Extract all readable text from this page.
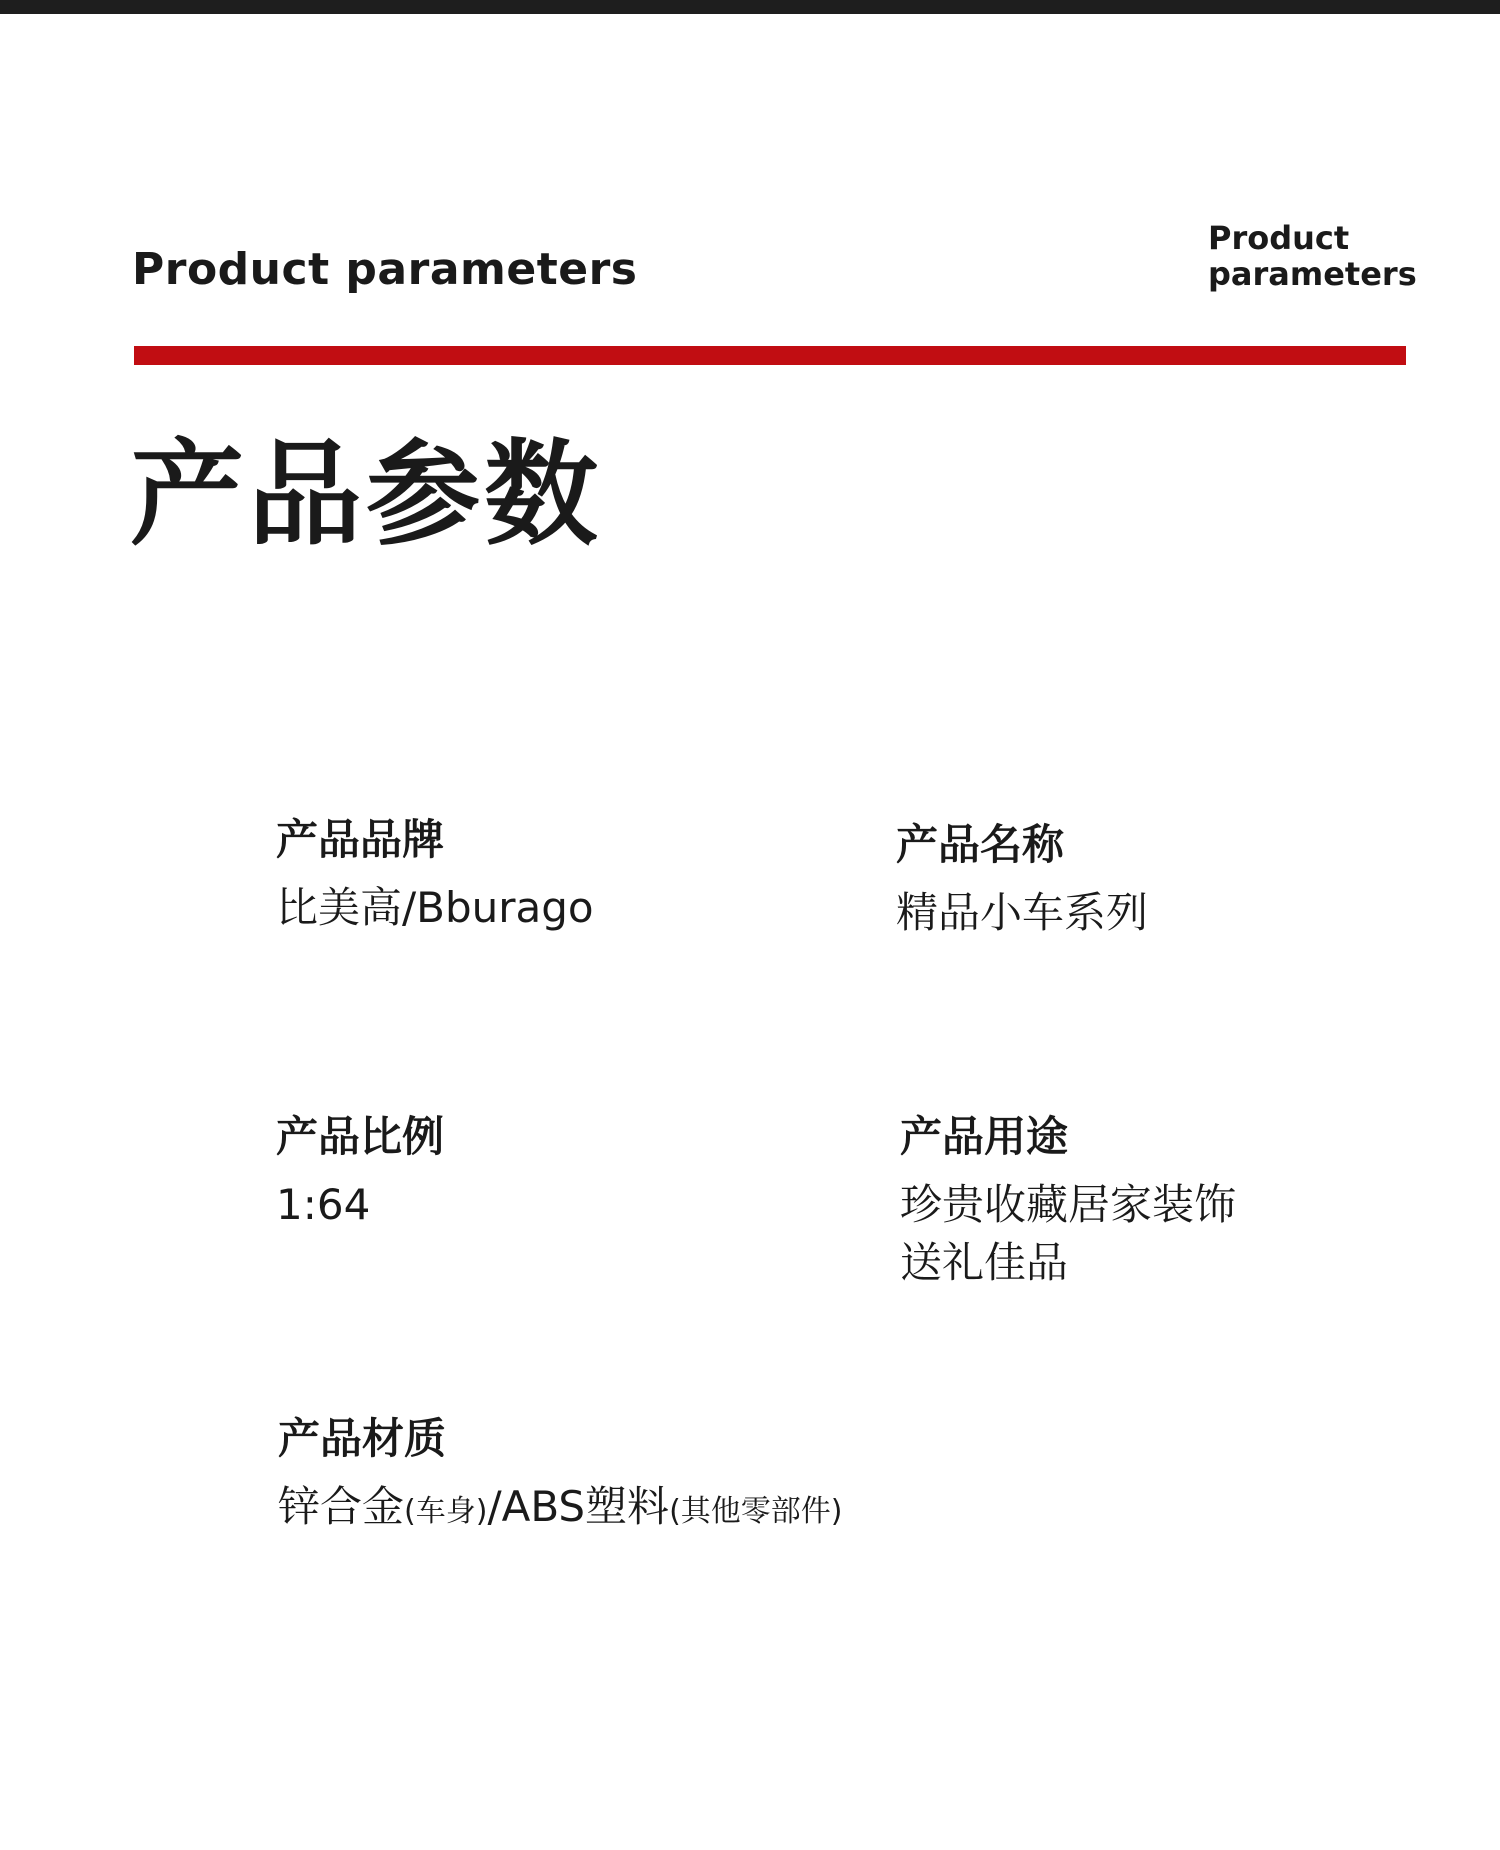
Product parameters
Product
parameters
产品参数
产品品牌
比美高/Bburago
产品名称
精品小车系列
产品比例
1:64
产品用途
珍贵收藏居家装饰
送礼佳品
产品材质
锌合金(车身)/ABS塑料(其他零部件)
